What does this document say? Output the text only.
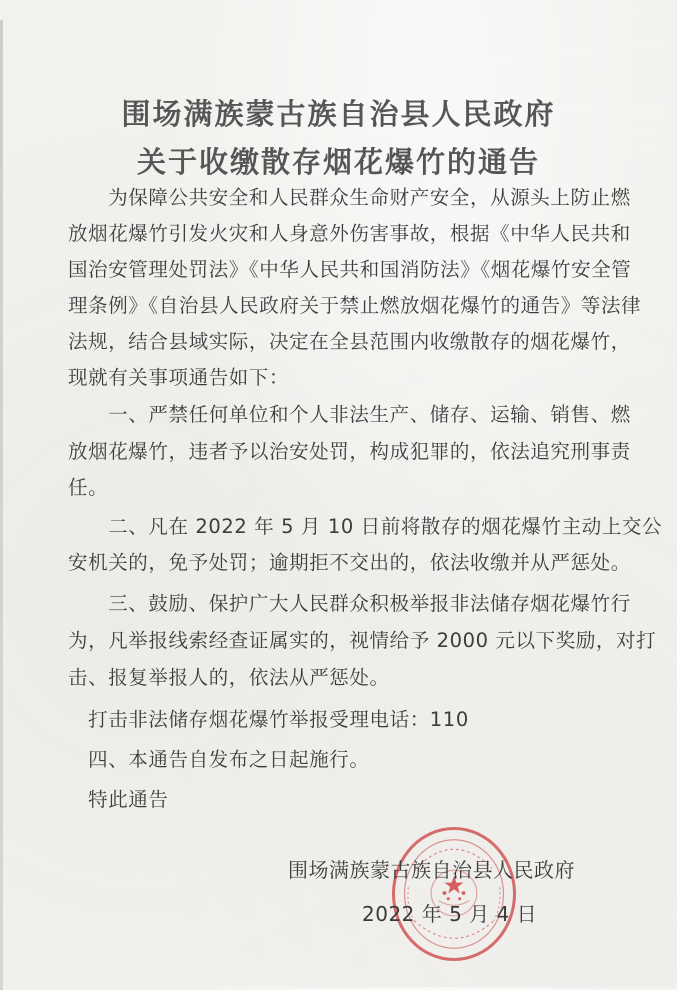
围场满族蒙古族自治县人民政府
关于收缴散存烟花爆竹的通告
　　为保障公共安全和人民群众生命财产安全，从源头上防止燃
放烟花爆竹引发火灾和人身意外伤害事故，根据《中华人民共和
国治安管理处罚法》《中华人民共和国消防法》《烟花爆竹安全管
理条例》《自治县人民政府关于禁止燃放烟花爆竹的通告》等法律
法规，结合县域实际，决定在全县范围内收缴散存的烟花爆竹，
现就有关事项通告如下：
　　一、严禁任何单位和个人非法生产、储存、运输、销售、燃
放烟花爆竹，违者予以治安处罚，构成犯罪的，依法追究刑事责
任。
　　二、凡在 2022 年 5 月 10 日前将散存的烟花爆竹主动上交公
安机关的，免予处罚；逾期拒不交出的，依法收缴并从严惩处。
　　三、鼓励、保护广大人民群众积极举报非法储存烟花爆竹行
为，凡举报线索经查证属实的，视情给予 2000 元以下奖励，对打
击、报复举报人的，依法从严惩处。
　打击非法储存烟花爆竹举报受理电话：110
　四、本通告自发布之日起施行。
　特此通告
围场满族蒙古族自治县人民政府
2022 年 5 月 4 日
